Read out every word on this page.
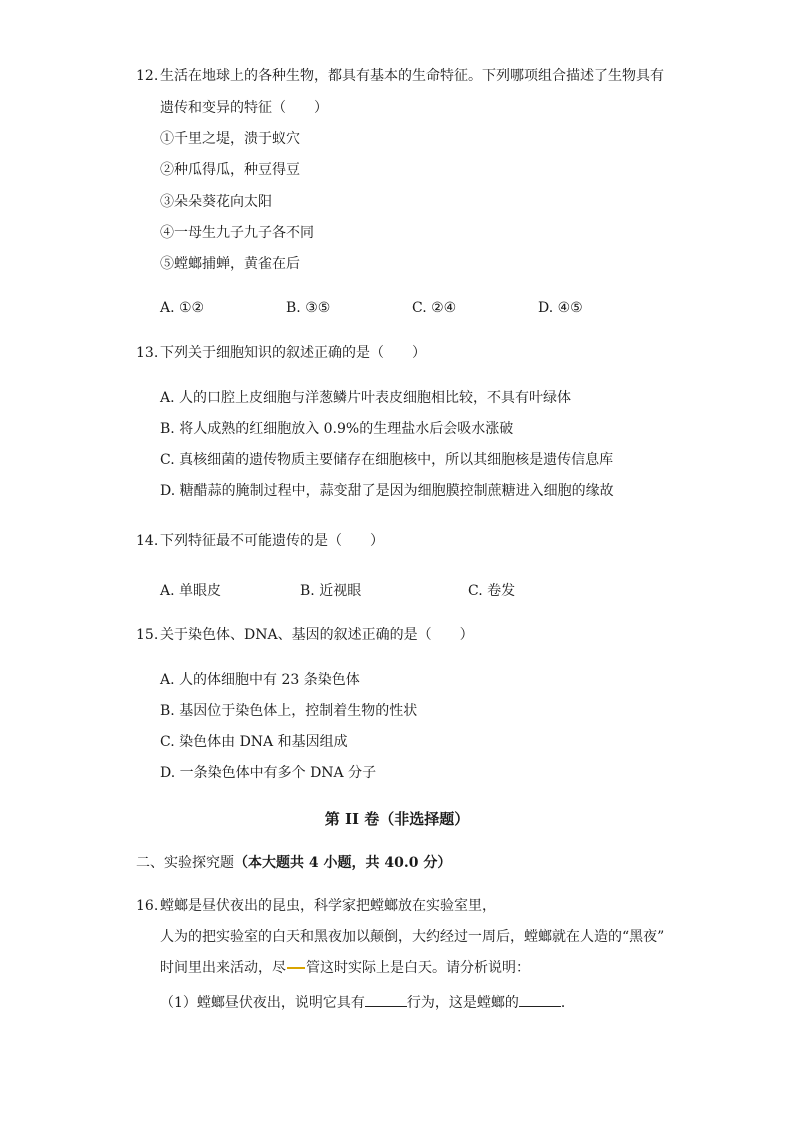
12. 生活在地球上的各种生物，都具有基本的生命特征。下列哪项组合描述了生物具有
遗传和变异的特征（　　）
①千里之堤，溃于蚁穴
②种瓜得瓜，种豆得豆
③朵朵葵花向太阳
④一母生九子九子各不同
⑤螳螂捕蝉，黄雀在后
A. ①②	B. ③⑤	C. ②④	D. ④⑤
13. 下列关于细胞知识的叙述正确的是（　　）
A. 人的口腔上皮细胞与洋葱鳞片叶表皮细胞相比较，不具有叶绿体
B. 将人成熟的红细胞放入 0.9%的生理盐水后会吸水涨破
C. 真核细菌的遗传物质主要储存在细胞核中，所以其细胞核是遗传信息库
D. 糖醋蒜的腌制过程中，蒜变甜了是因为细胞膜控制蔗糖进入细胞的缘故
14. 下列特征最不可能遗传的是（　　）
A. 单眼皮	B. 近视眼	C. 卷发
15. 关于染色体、DNA、基因的叙述正确的是（　　）
A. 人的体细胞中有 23 条染色体
B. 基因位于染色体上，控制着生物的性状
C. 染色体由 DNA 和基因组成
D. 一条染色体中有多个 DNA 分子
第 II 卷（非选择题）
二、实验探究题（本大题共 4 小题，共 40.0 分）
16. 螳螂是昼伏夜出的昆虫，科学家把螳螂放在实验室里，
人为的把实验室的白天和黑夜加以颠倒，大约经过一周后，螳螂就在人造的“黑夜”
时间里出来活动，尽 管这时实际上是白天。请分析说明：
（1）螳螂昼伏夜出，说明它具有	行为，这是螳螂的	．
